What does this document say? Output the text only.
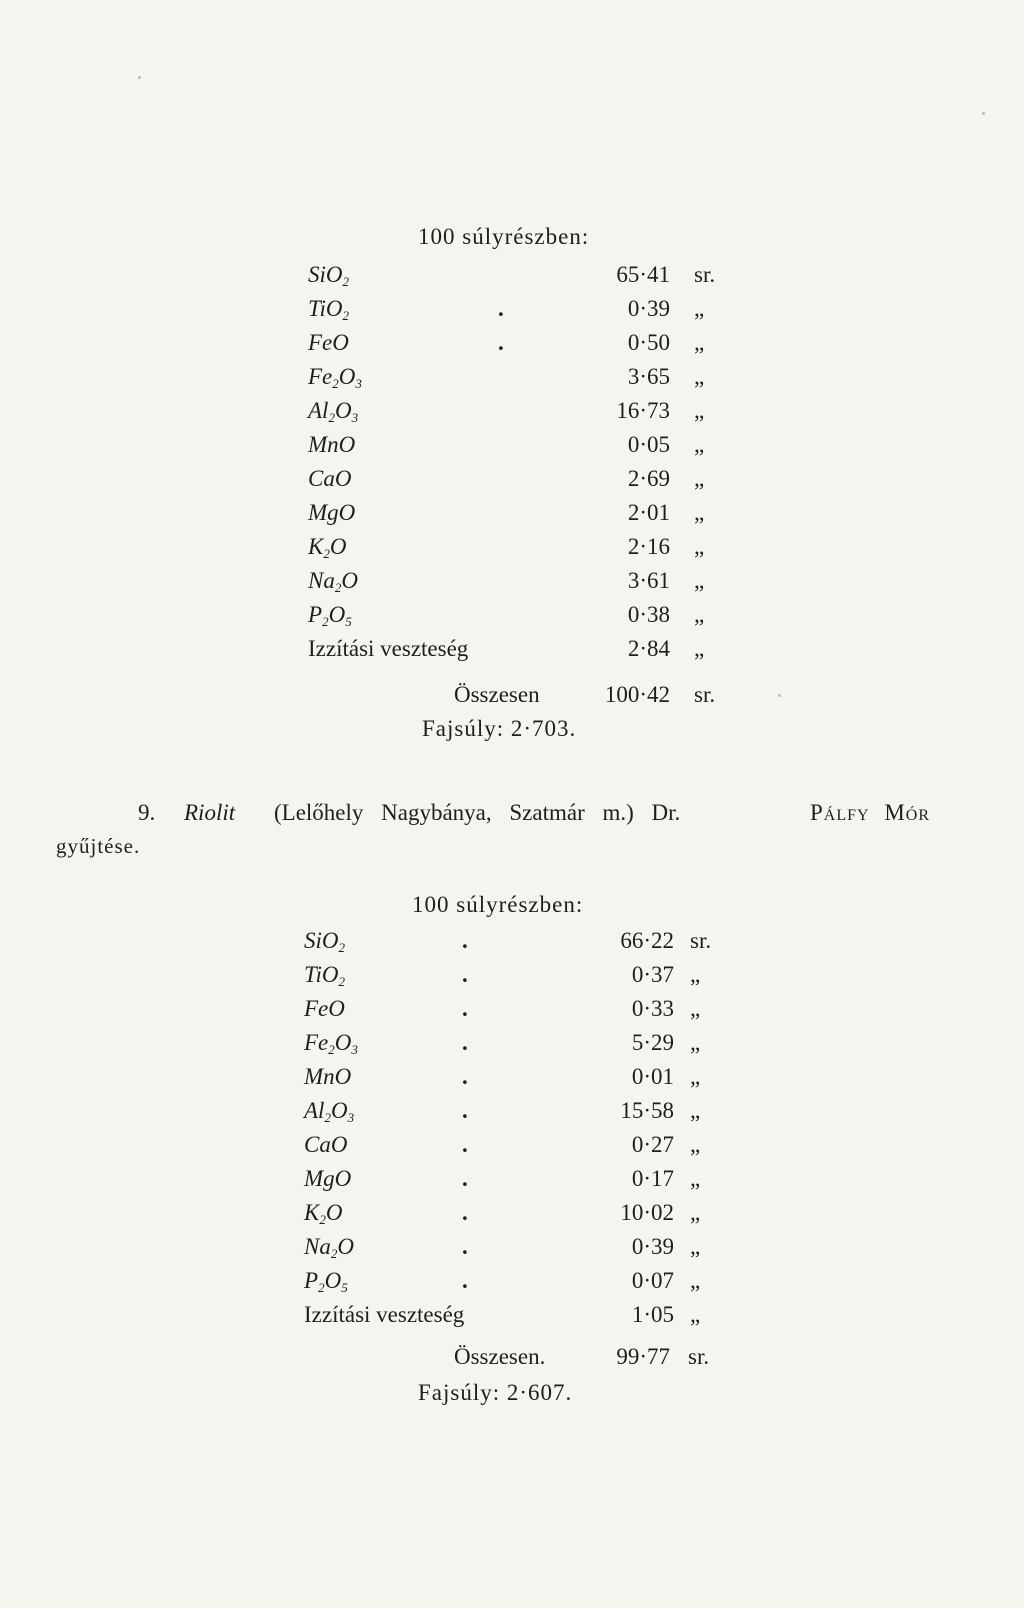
100 súlyrészben:
SiO$_2$	65·41 sr.
TiO$_2$	.	0·39 „
FeO	.	0·50 „
$Fe_2O_3$	3·65 „
$Al_2O_3$	16·73 „
MnO	0·05 „
CaO	2·69 „
MgO	2·01 „
$K_2O$	2·16 „
$Na_2O$	3·61 „
$P_2O_5$	0·38 „
Izzítási veszteség	2·84 „
Összesen	100·42 sr.
Fajsúly: 2·703.
9. Riolit (Lelőhely Nagybánya, Szatmár m.) Dr.	Pálfy Mór
gyűjtése.
100 súlyrészben:
SiO$_2$	.	66·22 sr.
TiO$_2$	.	0·37 „
FeO	.	0·33 „
$Fe_2O_3$	.	5·29 „
MnO	.	0·01 „
$Al_2O_3$	.	15·58 „
CaO	.	0·27 „
MgO	.	0·17 „
$K_2O$	.	10·02 „
$Na_2O$	.	0·39 „
$P_2O_5$	.	0·07 „
Izzítási veszteség	1·05 „
Összesen.	99·77 sr.
Fajsúly: 2·607.
